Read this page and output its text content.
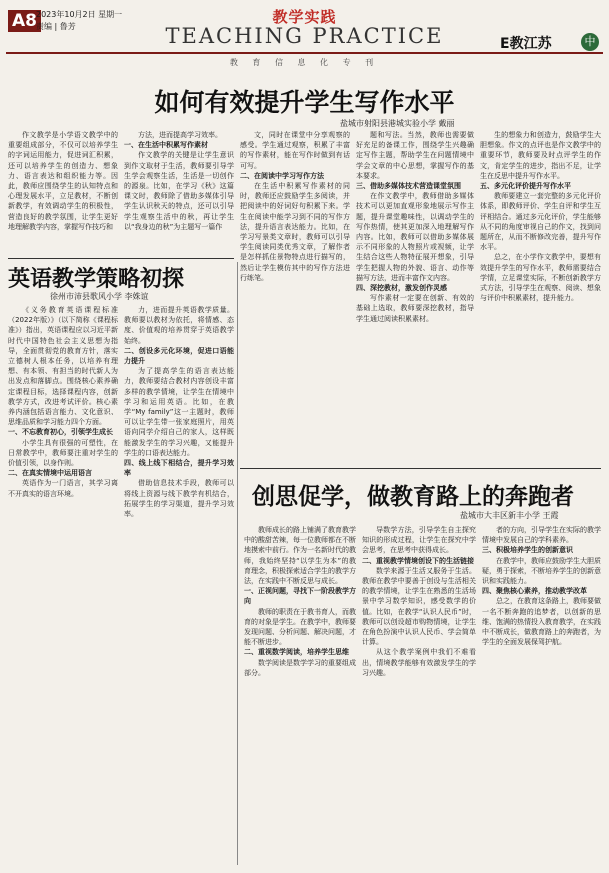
A8 2023年10月2日 星期一
责编 | 鲁芳
教学实践
TEACHING PRACTICE
教 育 信 息 化 专 刊
E教江苏	中
如何有效提升学生写作水平
盐城市射阳县港城实验小学 戴丽

作文教学是小学语文教学中的重要组成部分，不仅可以培养学生的字词运用能力，促进词汇积累，还可以培养学生的创造力、想象力、语言表达和组织能力等。因此，教师应围绕学生的认知特点和心理发展水平，立足教材，不断创新教学，有效调动学生的积极性，营造良好的教学氛围，让学生更好地理解教学内容，掌握写作技巧和

方法，进而提高学习效率。

一、在生活中积累写作素材

作文教学的关键是让学生意识到作文取材于生活，教师要引导学生学会观察生活，生活是一切创作的源泉。比如，在学习《秋》这篇课文时，教师除了借助多媒体引导学生认识秋天的特点，还可以引导学生观察生活中的秋，再让学生以“我身边的秋”为主题写一篇作

文，同时在课堂中分享观察的感受。学生通过观察，积累了丰富的写作素材，能在写作时做到有话可写。

二、在阅读中学习写作方法

在生活中积累写作素材的同时，教师还应鼓励学生多阅读，并把阅读中的好词好句积累下来。学生在阅读中能学习到不同的写作方法，提升语言表达能力。比如，在学习写景类文章时，教师可以引导学生阅读同类优秀文章，了解作者是怎样抓住景物特点进行描写的，然后让学生模仿其中的写作方法进行练笔。

题和写法。当然，教师也需要做好充足的备课工作，围绕学生兴趣确定写作主题，帮助学生在问题情境中学会文章的中心思想，掌握写作的基本要求。

三、借助多媒体技术营造课堂氛围

在作文教学中，教师借助多媒体技术可以更加直观形象地展示写作主题，提升课堂趣味性，以调动学生的写作热情，使其更加深入地理解写作内容。比如，教师可以借助多媒体展示不同形象的人物照片或视频，让学生结合这些人物特征展开想象，引导学生把握人物的外貌、语言、动作等描写方法，进而丰富作文内容。

四、深挖教材，激发创作灵感

写作素材一定要在创新、有效的基础上选取，教师要深挖教材，指导学生通过阅读积累素材。

生的想象力和创造力，鼓励学生大胆想象。作文的点评也是作文教学中的重要环节，教师要及时点评学生的作文，肯定学生的进步，指出不足，让学生在反思中提升写作水平。

五、多元化评价提升写作水平

教师要建立一套完整的多元化评价体系，即教师评价、学生自评和学生互评相结合。通过多元化评价，学生能够从不同的角度审视自己的作文，找到问题所在，从而不断修改完善，提升写作水平。

总之，在小学作文教学中，要想有效提升学生的写作水平，教师需要结合学情，立足课堂实际，不断创新教学方式方法，引导学生在观察、阅读、想象与评价中积累素材，提升能力。

英语教学策略初探
徐州市沛县歌风小学 李姝谊

《义务教育英语课程标准（2022年版）》（以下简称《课程标准》）指出，英语课程应以习近平新时代中国特色社会主义思想为指导，全面贯彻党的教育方针，落实立德树人根本任务，以培养有理想、有本领、有担当的时代新人为出发点和落脚点。围绕核心素养确定课程目标，选择课程内容，创新教学方式，改进考试评价。核心素养内涵包括语言能力、文化意识、思维品质和学习能力四个方面。

一、不忘教育初心，引领学生成长

小学生具有很强的可塑性，在日常教学中，教师要注重对学生的价值引领，以身作则。

二、在真实情境中运用语言

英语作为一门语言，其学习离不开真实的语言环境。

力，进而提升英语教学质量。教师要以教材为依托，将情感、态度、价值观的培养贯穿于英语教学始终。

二、创设多元化环境，促进口语能力提升

为了提高学生的语言表达能力，教师要结合教材内容创设丰富多样的教学情境，让学生在情境中学习和运用英语。比如，在教学“My family”这一主题时，教师可以让学生带一张家庭照片，用英语向同学介绍自己的家人，这样既能激发学生的学习兴趣，又能提升学生的口语表达能力。

四、线上线下相结合，提升学习效率

借助信息技术手段，教师可以将线上资源与线下教学有机结合，拓展学生的学习渠道，提升学习效率。

创思促学，做教育路上的奔跑者
盐城市大丰区新丰小学 王霞

教师成长的路上铺满了教育教学中的酸甜苦辣，每一位教师都在不断地摸索中前行。作为一名新时代的教师，我始终坚持“以学生为本”的教育理念，积极探索适合学生的教学方法，在实践中不断反思与成长。

一、正视问题，寻找下一阶段教学方向

教师的职责在于教书育人，而教育的对象是学生。在教学中，教师要发现问题、分析问题、解决问题，才能不断进步。

二、重视数学阅读，培养学生思维

数学阅读是数学学习的重要组成部分。

导数学方法，引导学生自主探究知识的形成过程，让学生在探究中学会思考，在思考中获得成长。

二、重视教学情境创设下的生活链接

数学来源于生活又服务于生活。教师在教学中要善于创设与生活相关的教学情境，让学生在熟悉的生活场景中学习数学知识，感受数学的价值。比如，在教学“认识人民币”时，教师可以创设超市购物情境，让学生在角色扮演中认识人民币、学会简单计算。

从这个教学案例中我们不难看出，情境教学能够有效激发学生的学习兴趣。

者的方向，引导学生在实际的教学情境中发展自己的学科素养。

三、积极培养学生的创新意识

在教学中，教师应鼓励学生大胆质疑，勇于探索，不断培养学生的创新意识和实践能力。

四、聚焦核心素养，推动教学改革

总之，在教育这条路上，教师要做一名不断奔跑的追梦者，以创新的思维、饱满的热情投入教育教学，在实践中不断成长，做教育路上的奔跑者，为学生的全面发展保驾护航。
